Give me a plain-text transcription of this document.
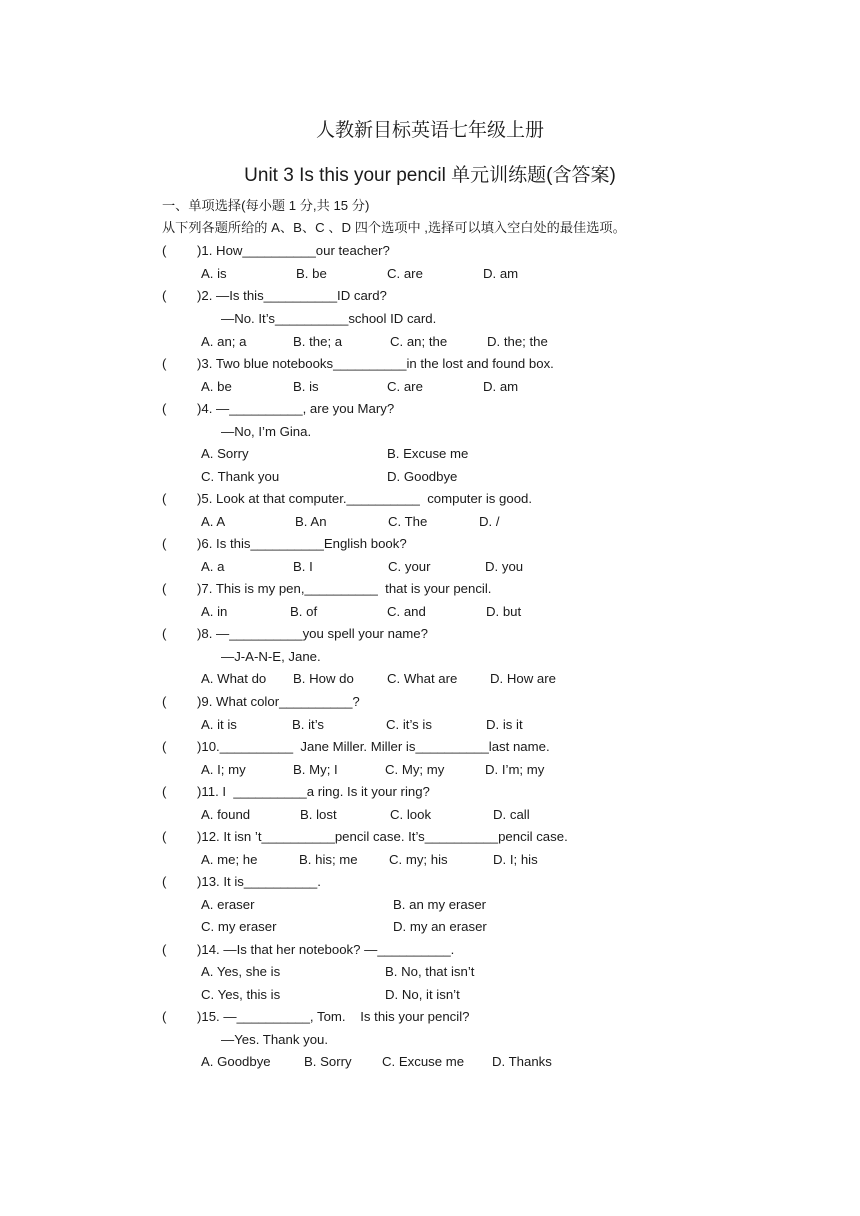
人教新目标英语七年级上册
Unit 3 Is this your pencil 单元训练题(含答案)
一、单项选择(每小题 1 分,共 15 分)
从下列各题所给的 A、B、C 、D 四个选项中 ,选择可以填入空白处的最佳选项。
( )1. How__________our teacher?
A. is	B. be	C. are	D. am
( )2. —Is this__________ID card?
—No. It’s__________school ID card.
A. an; a	B. the; a	C. an; the	D. the; the
( )3. Two blue notebooks__________in the lost and found box.
A. be	B. is	C. are	D. am
( )4. —__________, are you Mary?
—No, I’m Gina.
A. Sorry	B. Excuse me
C. Thank you	D. Goodbye
( )5. Look at that computer.__________  computer is good.
A. A	B. An	C. The	D. /
( )6. Is this__________English book?
A. a	B. I	C. your	D. you
( )7. This is my pen,__________  that is your pencil.
A. in	B. of	C. and	D. but
( )8. —__________you spell your name?
—J-A-N-E, Jane.
A. What do B. How do	C. What are D. How are
( )9. What color__________?
A. it is	B. it’s	C. it’s is	D. is it
( )10.__________  Jane Miller. Miller is__________last name.
A. I; my	B. My; I	C. My; my	D. I’m; my
( )11. I  __________a ring. Is it your ring?
A. found	B. lost	C. look	D. call
( )12. It isn ’t__________pencil case. It’s__________pencil case.
A. me; he	B. his; me C. my; his	D. I; his
( )13. It is__________.
A. eraser	B. an my eraser
C. my eraser	D. my an eraser
( )14. —Is that her notebook? —__________.
A. Yes, she is	B. No, that isn’t
C. Yes, this is	D. No, it isn’t
( )15. —__________, Tom.    Is this your pencil?
—Yes. Thank you.
A. Goodbye	B. Sorry C. Excuse me D. Thanks
